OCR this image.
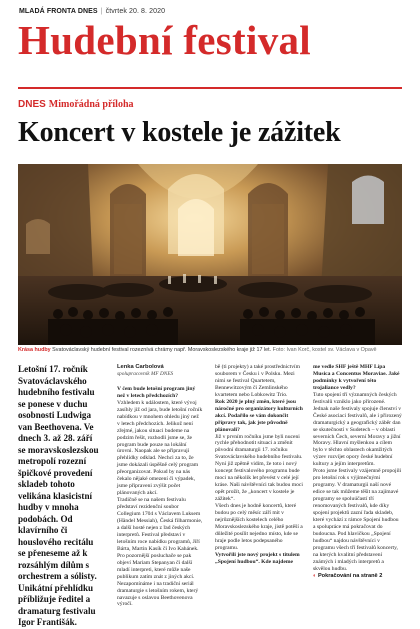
MLADÁ FRONTA DNES | čtvrtek 20. 8. 2020
Hudební festival
DNES Mimořádná příloha
Koncert v kostele je zážitek
Krása hudby Svatováclavský hudební festival rozeznívá chrámy např. Moravskoslezského kraje již 17 let. Foto: Ivan Korč, kostel sv. Václava v Opavě
Letošní 17. ročník Svatováclavského hudebního festivalu se ponese v duchu osobnosti Ludwiga van Beethovena. Ve dnech 3. až 28. září se moravskoslezskou metropolí rozezní špičkové provedení skladeb tohoto velikána klasicistní hudby v mnoha podobách. Od klavírního či houslového recitálu se přeneseme až k rozsáhlým dílům s orchestrem a sólisty. Unikátní přehlídku příbližuje ředitel a dramaturg festivalu Igor Františák.
Lenka Carbolová
spolupracovník MF DNES

V čem bude letošní program jiný než v letech předchozích?

Vzhledem k událostem, které vývoj zasíhly již od jara, bude letošní ročník nabídkou v mnohem ohledu jiný než v letech předchozích. Jelikož není zřejmé, jakou situaci budeme na podzim řešit, rozhodli jsme se, že program bude pouze na lokální úrovni. Naopak ale se připravují přehlídky odklad. Nechci za to, že jsme dokázali úspěšně celý program přeorganizovat. Pokud by na nás čekalo nějaké omezení či výpadek, jsme připraveni zvýšit počet plánovaných akcí.

Tradičně se na našem festivalu představí rezidenční soubor Collegium 1704 s Václavem Luksem (Händel Messiah), Česká filharmonie, a další hosté nejen z řad českých interpretů. Festival představí v letošním roce nabídku programů, Jiří Bárta, Martin Kasík či Ivo Kahánek. Pro pozornější posluchače se pak objeví Mariam Stepanyan či další mladí interpreti, které může naše publikum zatím znát z jiných akcí. Nezapomínáme i na tradiční seriál dramaturgie s letošním rokem, který navazuje s oslavou Beethovenova výročí.

bě (ti projekty) a také prostřednictvím souborem v Česku i v Polsku. Mezi nimi se festival Quartetem, Bennewitzovým či Zemlinského kvartetem nebo Lobkowitz Trio.

Rok 2020 je plný změn, které jsou náročné pro organizátory kulturních akcí. Podařilo se vám dokončit přípravy tak, jak jste původně plánovali?

Již v prvním ročníku jsme byli nuceni rychle přehodnotit situaci a změnit původní dramaturgii 17. ročníku Svatováclavského hudebního festivalu. Nyní již zpětně vidím, že toto i nový koncept festivalového programu bude moci na několik let převést v celé její kráse. Naši návštěvníci tak budou moci opět prožít, že „koncert v kostele je zážitek“.

Všech dnes je hodně koncertů, které budou po celý měsíc září mít v nejrůznějších kostelech celého Moravskoslezského kraje, jistě potěší a důležité posílit nejedno místo, kde se hraje podle letos podepsaného programu.

Vytvořili jste nový projekt s titulem „Spojení hudbou“. Kde najdeme

me vedle SHF ještě MHF Lípa Musica a Concentus Moraviae. Jaké podmínky k vytvoření této trojaliance vedly?

Tuto spojení tří významných českých festivalů vzniklo jako přirozené. Jednak naše festivaly spojuje členství v České asociaci festivalů, ale i přirozený dramaturgický a geografický záběr dan se skutečností v Sudetech – v oblasti severních Čech, severní Moravy a jižní Moravy. Hlavní myšlenkou a cílem bylo v těchto oblastech okamžitých výzev rozvíjet opory české hudební kultury a jejím interpretům.

Proto jsme festivaly vzájemně propojili pro letošní rok s výjimečnými programy. V dramaturgii naší nové edice se tak můžeme těšit na zajímavé programy se spoluúčastí tří renomovaných festivalů, kde díky spojení projektů zazní řada skladeb, které vychází z rámce Spojení hudbou a spolupráce má pokračovat do budoucna. Pod hlavičkou „Spojení hudbou“ najdou návštěvníci v programu všech tří festivalů koncerty, na kterých kvalitní představení známých i mladých interpretů a skvělou hudbu.

◐ Pokračování na straně 2
